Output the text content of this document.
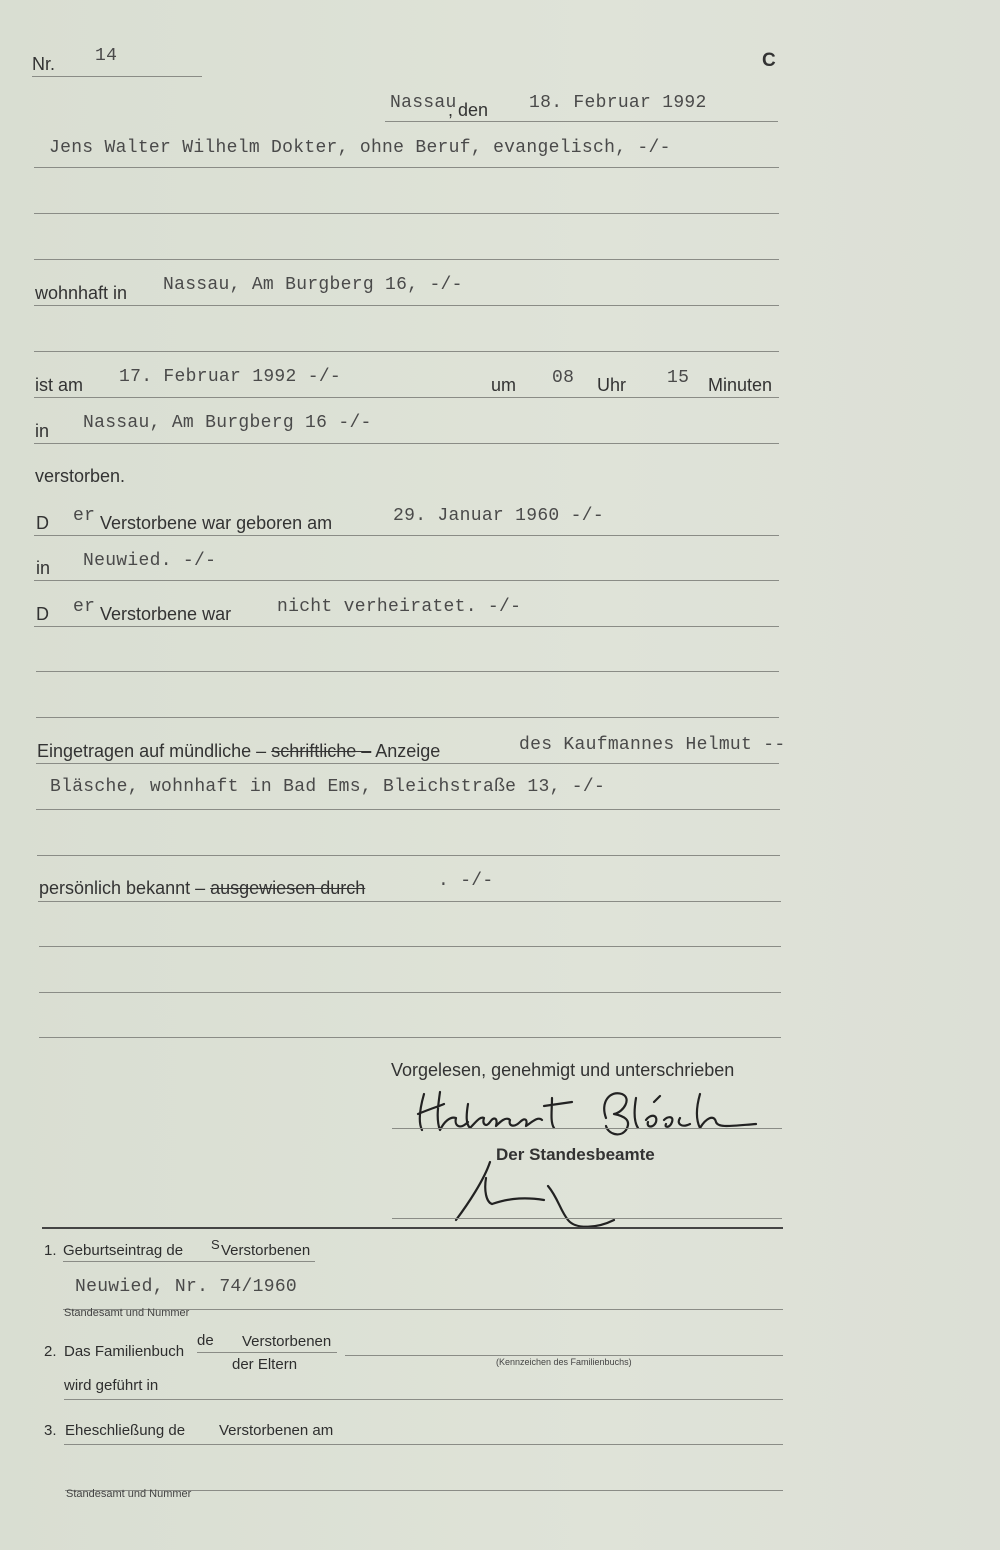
Nr. 14	C
Nassau
, den 18. Februar 1992
Jens Walter Wilhelm Dokter, ohne Beruf, evangelisch, -/-
wohnhaft in Nassau, Am Burgberg 16, -/-
ist am 17. Februar 1992 -/-	um 08 Uhr 15 Minuten
in Nassau, Am Burgberg 16 -/-
verstorben.
D er Verstorbene war geboren am	29. Januar 1960 -/-
in Neuwied. -/-
D er Verstorbene war	nicht verheiratet. -/-
Eingetragen auf mündliche – schriftliche – Anzeige	des Kaufmannes Helmut --
Bläsche, wohnhaft in Bad Ems, Bleichstraße 13, -/-
persönlich bekannt – ausgewiesen durch	. -/-
Vorgelesen, genehmigt und unterschrieben
Der Standesbeamte
1. Geburtseintrag de S Verstorbenen
Neuwied, Nr. 74/1960
Standesamt und Nummer
2. Das Familienbuch
de Verstorbenen
der Eltern	(Kennzeichen des Familienbuchs)
wird geführt in
3. Eheschließung de Verstorbenen am
Standesamt und Nummer
